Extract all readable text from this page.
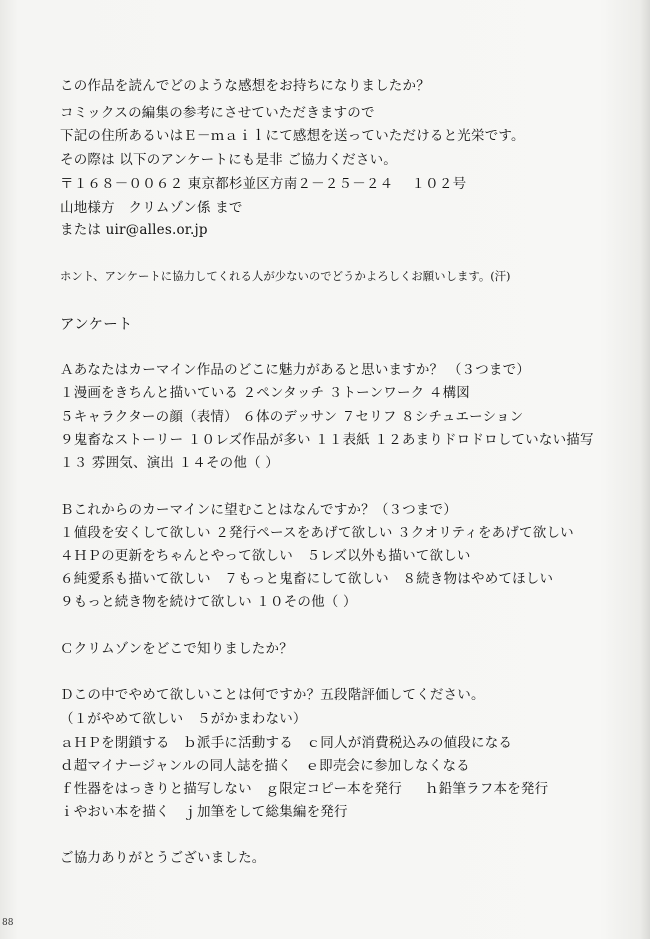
この作品を読んでどのような感想をお持ちになりましたか？
コミックスの編集の参考にさせていただきますので
下記の住所あるいはＥ－ｍａｉｌにて感想を送っていただけると光栄です。
その際は 以下のアンケートにも是非 ご協力ください。
〒１６８－００６２ 東京都杉並区方南２－２５－２４　 １０２号
山地様方　クリムゾン係 まで
または uir@alles.or.jp
ホント、アンケートに協力してくれる人が少ないのでどうかよろしくお願いします。(汗)
アンケート
Ａあなたはカーマイン作品のどこに魅力があると思いますか？ （３つまで）
１漫画をきちんと描いている ２ペンタッチ ３トーンワーク ４構図
５キャラクターの顔（表情） ６体のデッサン ７セリフ ８シチュエーション
９鬼畜なストーリー １０レズ作品が多い １１表紙 １２あまりドロドロしていない描写
１３ 雰囲気、演出 １４その他（ ）
Ｂこれからのカーマインに望むことはなんですか？（３つまで）
１値段を安くして欲しい ２発行ペースをあげて欲しい ３クオリティをあげて欲しい
４ＨＰの更新をちゃんとやって欲しい　５レズ以外も描いて欲しい
６純愛系も描いて欲しい　７もっと鬼畜にして欲しい　８続き物はやめてほしい
９もっと続き物を続けて欲しい １０その他（ ）
Ｃクリムゾンをどこで知りましたか？
Ｄこの中でやめて欲しいことは何ですか？五段階評価してください。
（１がやめて欲しい　５がかまわない）
ａＨＰを閉鎖する　ｂ派手に活動する　ｃ同人が消費税込みの値段になる
ｄ超マイナージャンルの同人誌を描く　ｅ即売会に参加しなくなる
ｆ性器をはっきりと描写しない　ｇ限定コピー本を発行 ｈ鉛筆ラフ本を発行
ｉやおい本を描く　ｊ加筆をして総集編を発行
ご協力ありがとうございました。
88
